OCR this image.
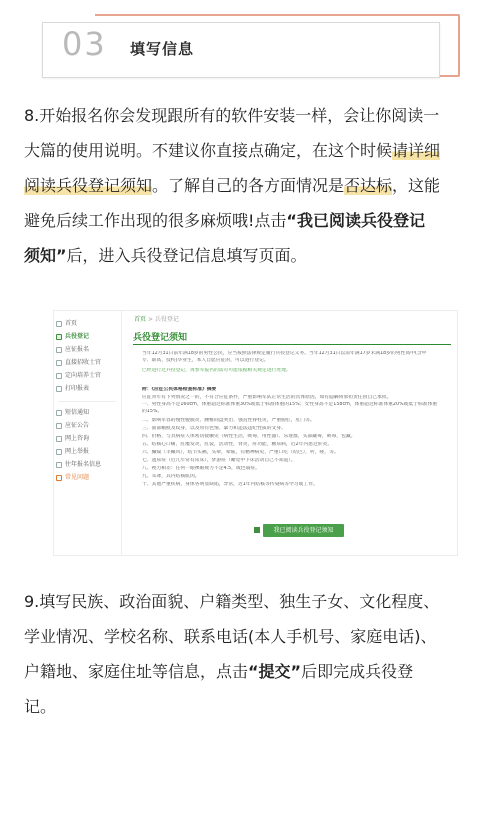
03 填写信息
8.开始报名你会发现跟所有的软件安装一样，会让你阅读一
大篇的使用说明。不建议你直接点确定，在这个时候请详细
阅读兵役登记须知。了解自己的各方面情况是否达标，这能
避免后续工作出现的很多麻烦哦!点击“我已阅读兵役登记
须知”后，进入兵役登记信息填写页面。
首页
兵役登记
应征报名
直接招收士官
定向培养士官
打印报表
短信通知
应征公告
网上咨询
网上举报
往年报名信息
常见问题
首页 > 兵役登记
兵役登记须知
当年12月31日前年满18岁的男性公民，应当按照法律规定履行兵役登记义务。当年12月31日以前年满17岁未满18岁的男性高中(含中
专、职高、技校)毕业生，本人自愿应征的，可以进行登记。
已经进行过兵役登记，再参军报名的需有可能依据相关规定进行处理。
附：《应征公民体格检查标准》摘要
应征青年有下列情况之一的，不符合应征条件，严重影响军队正常生活的具体原因，如有隐瞒将承担责任由自己承担。
一、男性身高不足160cm，体重超过标准体重30%或低于标准体重的15%；女性身高不足158cm，体重超过标准体重20%或低于标准体重
的15%。
二、影响军容的慢性腹膜炎、腰椎间盘突出、强直性脊柱炎，严重脱肛，肛门等。
三、面部瘢痕及纹身，以及带有色情、暴力和违法违纪性质的文身。
四、价格，与具病症人体密切接触史（病性生活，吸毒，用性器）、乐迷群，头部藏毒，吸毒，包藏。
五、结核心口痛，肛瘘发炎，肛裂，活动性，肾炎，肝功能，糖尿病，近2年内患过肝炎。
六、癫痫（羊癫风），结节头痛，头晕，晕眩，有精神病史，严重口吃（结巴），听，哑，等。
七、遗尿症（近几年常有尿床），梦游症（睡觉中下床活动自己不知道）。
八、视力相差：任何一眼裸眼视力不足4.5，或色弱症。
九、耳聋，其内结核肌肉。
十、其他严重疾病，身体各明显缺陷，异常，近1年内结核等传染病等学习或工作。
我已阅读兵役登记须知
9.填写民族、政治面貌、户籍类型、独生子女、文化程度、
学业情况、学校名称、联系电话(本人手机号、家庭电话)、
户籍地、家庭住址等信息，点击“提交”后即完成兵役登
记。
